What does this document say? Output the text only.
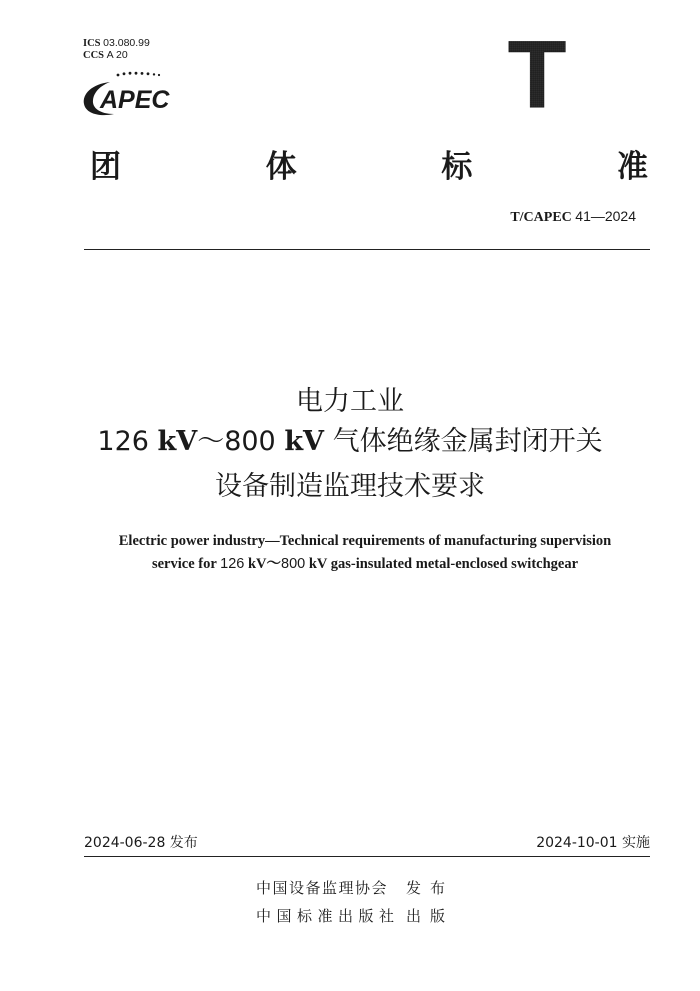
ICS 03.080.99
CCS A 20
APEC	T
团	体	标	准
T/CAPEC 41—2024
电力工业
126 kV～800 kV 气体绝缘金属封闭开关
设备制造监理技术要求
Electric power industry—Technical requirements of manufacturing supervision
service for 126 kV～800 kV gas-insulated metal-enclosed switchgear
2024-06-28 发布	2024-10-01 实施
中国设备监理协会	发布
中国标准出版社 出版
